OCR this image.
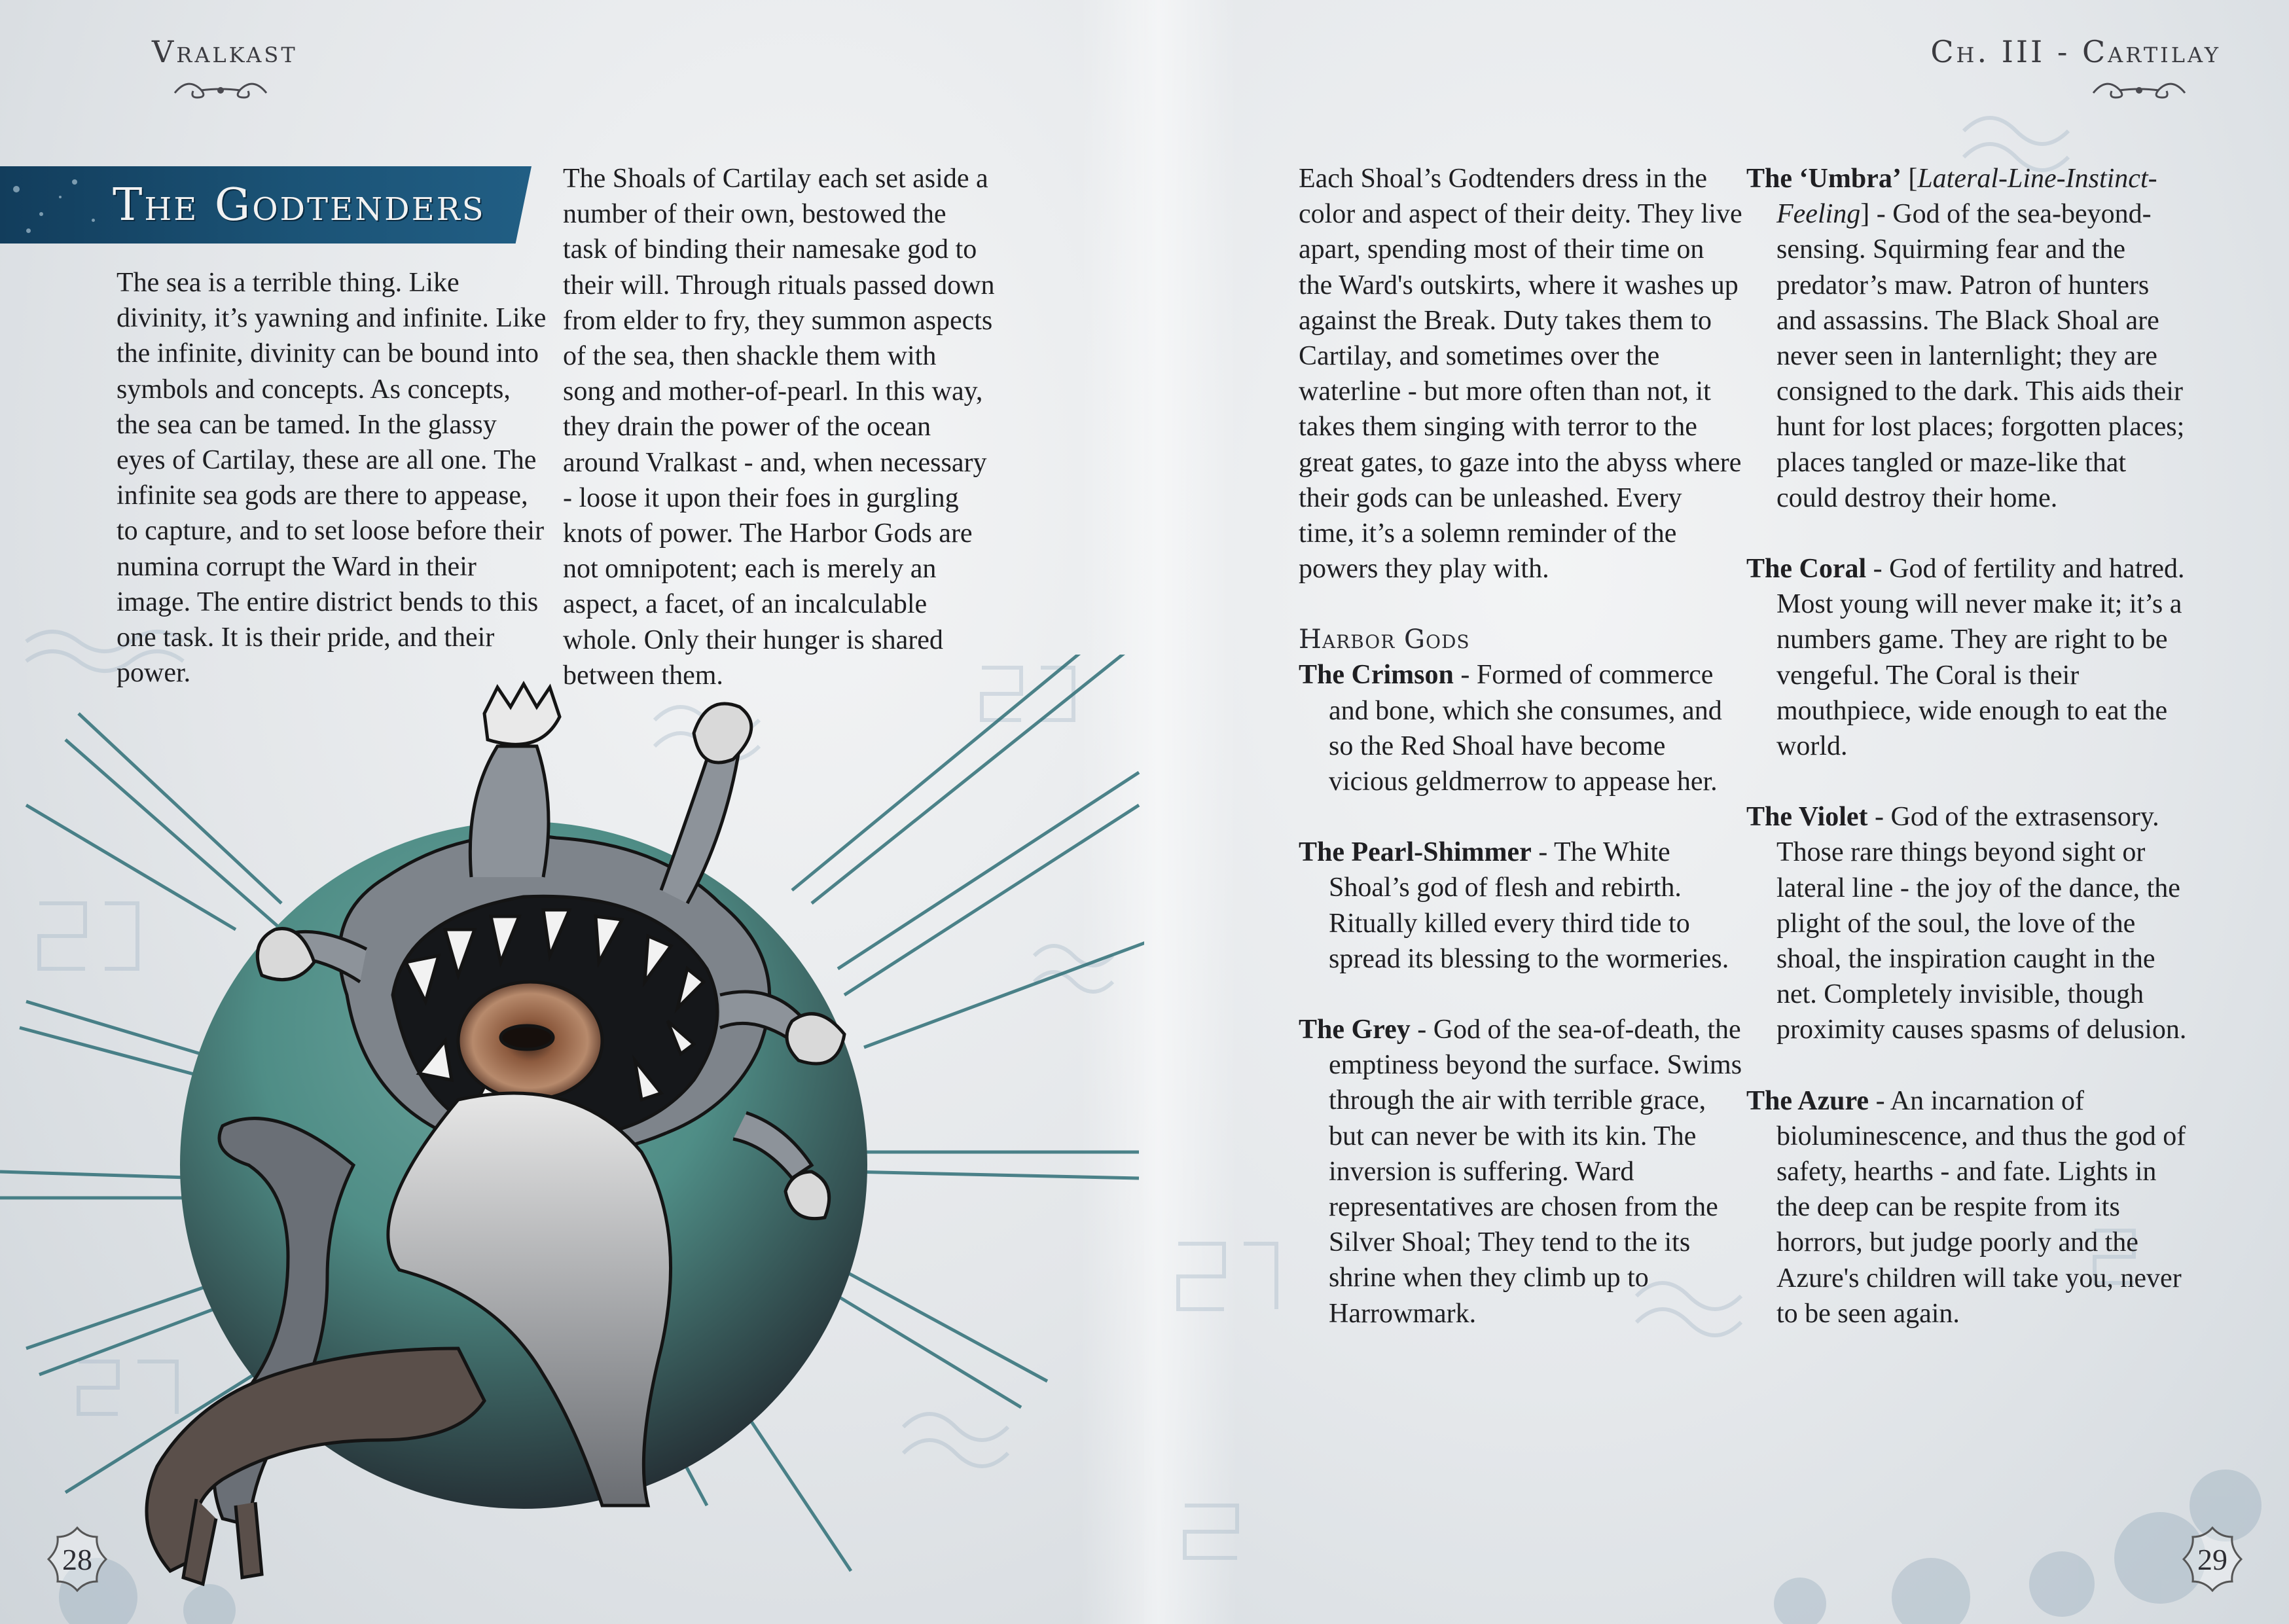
Vralkast	Ch. III - Cartilay
The Godtenders

The sea is a terrible thing. Like divinity, it’s yawning and infinite. Like the infinite, divinity can be bound into symbols and concepts. As concepts, the sea can be tamed. In the glassy eyes of Cartilay, these are all one. The infinite sea gods are there to appease, to capture, and to set loose before their numina corrupt the Ward in their image. The entire district bends to this one task. It is their pride, and their power.

The Shoals of Cartilay each set aside a number of their own, bestowed the task of binding their namesake god to their will. Through rituals passed down from elder to fry, they summon aspects of the sea, then shackle them with song and mother-of-pearl. In this way, they drain the power of the ocean around Vralkast - and, when necessary - loose it upon their foes in gurgling knots of power. The Harbor Gods are not omnipotent; each is merely an aspect, a facet, of an incalculable whole. Only their hunger is shared between them.

Each Shoal’s Godtenders dress in the color and aspect of their deity. They live apart, spending most of their time on the Ward's outskirts, where it washes up against the Break. Duty takes them to Cartilay, and sometimes over the waterline - but more often than not, it takes them singing with terror to the great gates, to gaze into the abyss where their gods can be unleashed. Every time, it’s a solemn reminder of the powers they play with.

Harbor Gods

The Crimson - Formed of commerce and bone, which she consumes, and so the Red Shoal have become vicious geldmerrow to appease her.

The Pearl-Shimmer - The White Shoal’s god of flesh and rebirth. Ritually killed every third tide to spread its blessing to the wormeries.

The Grey - God of the sea-of-death, the emptiness beyond the surface. Swims through the air with terrible grace, but can never be with its kin. The inversion is suffering. Ward representatives are chosen from the Silver Shoal; They tend to the its shrine when they climb up to Harrowmark.

The ‘Umbra’ [Lateral-Line-Instinct-Feeling] - God of the sea-beyond-sensing. Squirming fear and the predator’s maw. Patron of hunters and assassins. The Black Shoal are never seen in lanternlight; they are consigned to the dark. This aids their hunt for lost places; forgotten places; places tangled or maze-like that could destroy their home.

The Coral - God of fertility and hatred. Most young will never make it; it’s a numbers game. They are right to be vengeful. The Coral is their mouthpiece, wide enough to eat the world.

The Violet - God of the extrasensory. Those rare things beyond sight or lateral line - the joy of the dance, the plight of the soul, the love of the shoal, the inspiration caught in the net. Completely invisible, though proximity causes spasms of delusion.

The Azure - An incarnation of bioluminescence, and thus the god of safety, hearths - and fate. Lights in the deep can be respite from its horrors, but judge poorly and the Azure's children will take you, never to be seen again.

28	29
